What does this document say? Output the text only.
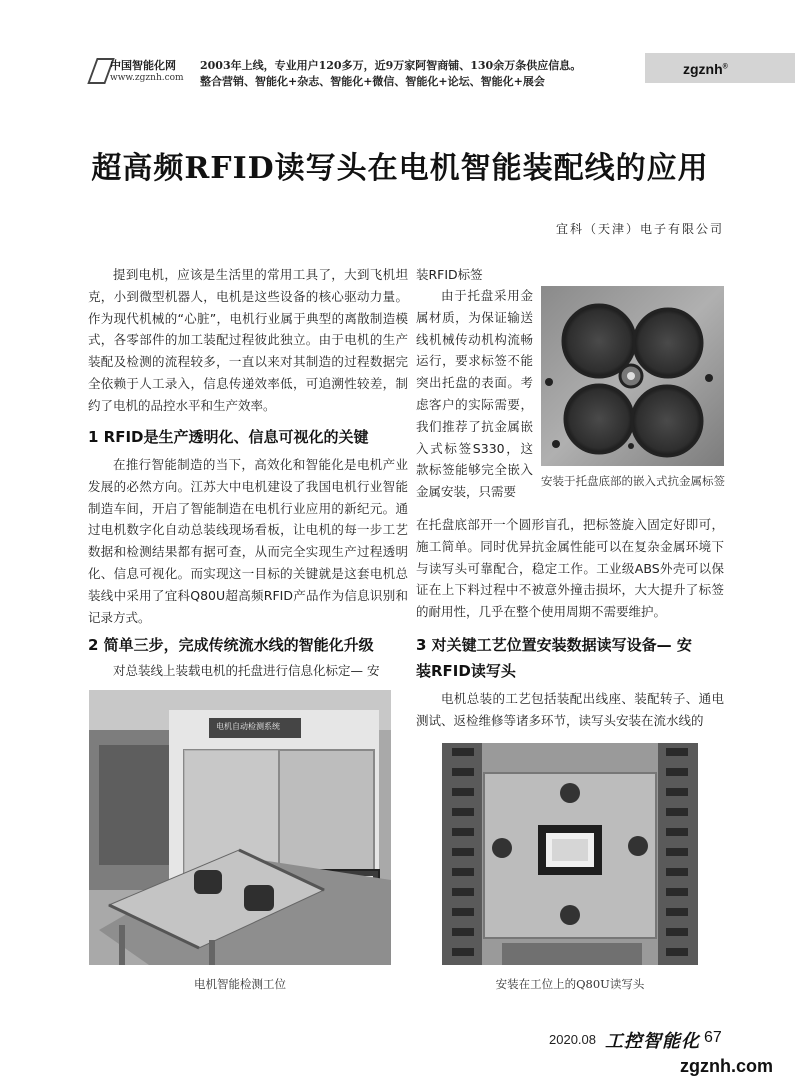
中国智能化网
www.zgznh.com
2003年上线，专业用户120多万，近9万家阿智商铺、130余万条供应信息。
整合营销、智能化+杂志、智能化+微信、智能化+论坛、智能化+展会
zgznh®
超高频RFID读写头在电机智能装配线的应用
宜科（天津）电子有限公司
提到电机，应该是生活里的常用工具了，大到飞机坦克，小到微型机器人，电机是这些设备的核心驱动力量。作为现代机械的“心脏”，电机行业属于典型的离散制造模式，各零部件的加工装配过程彼此独立。由于电机的生产装配及检测的流程较多，一直以来对其制造的过程数据完全依赖于人工录入，信息传递效率低，可追溯性较差，制约了电机的品控水平和生产效率。
1 RFID是生产透明化、信息可视化的关键
在推行智能制造的当下，高效化和智能化是电机产业发展的必然方向。江苏大中电机建设了我国电机行业智能制造车间，开启了智能制造在电机行业应用的新纪元。通过电机数字化自动总装线现场看板，让电机的每一步工艺数据和检测结果都有据可查，从而完全实现生产过程透明化、信息可视化。而实现这一目标的关键就是这套电机总装线中采用了宜科Q80U超高频RFID产品作为信息识别和记录方式。
2 简单三步，完成传统流水线的智能化升级
对总装线上装载电机的托盘进行信息化标定— 安
装RFID标签
由于托盘采用金属材质，为保证输送线机械传动机构流畅运行，要求标签不能突出托盘的表面。考虑客户的实际需要，我们推荐了抗金属嵌入式标签S330，这款标签能够完全嵌入金属安装，只需要
在托盘底部开一个圆形盲孔，把标签旋入固定好即可，施工简单。同时优异抗金属性能可以在复杂金属环境下与读写头可靠配合，稳定工作。工业级ABS外壳可以保证在上下料过程中不被意外撞击损坏，大大提升了标签的耐用性，几乎在整个使用周期不需要维护。
3 对关键工艺位置安装数据读写设备— 安
装RFID读写头
电机总装的工艺包括装配出线座、装配转子、通电测试、返检维修等诸多环节，读写头安装在流水线的
安装于托盘底部的嵌入式抗金属标签
电机自动检测系统
电机智能检测工位	安装在工位上的Q80U读写头
2020.08 工控智能化 67
zgznh.com
